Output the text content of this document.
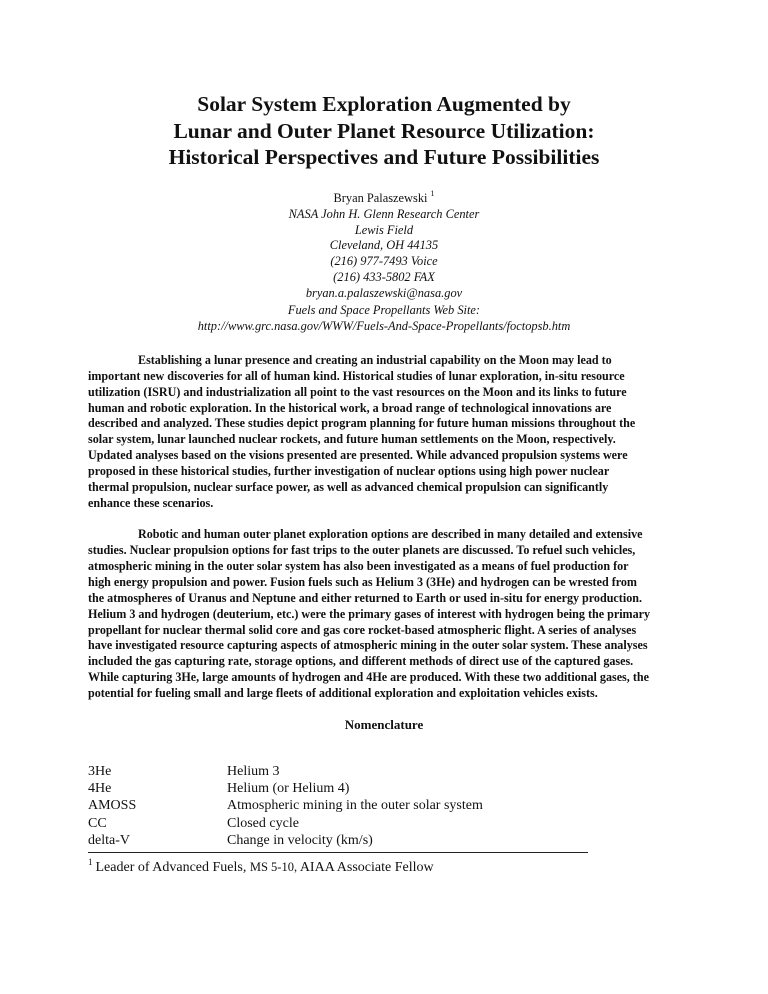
Solar System Exploration Augmented by
Lunar and Outer Planet Resource Utilization:
Historical Perspectives and Future Possibilities
Bryan Palaszewski $^1$
NASA John H. Glenn Research Center
Lewis Field
Cleveland, OH 44135
(216) 977-7493 Voice
(216) 433-5802 FAX
bryan.a.palaszewski@nasa.gov
Fuels and Space Propellants Web Site:
http://www.grc.nasa.gov/WWW/Fuels-And-Space-Propellants/foctopsb.htm
Establishing a lunar presence and creating an industrial capability on the Moon may lead to
important new discoveries for all of human kind. Historical studies of lunar exploration, in-situ resource
utilization (ISRU) and industrialization all point to the vast resources on the Moon and its links to future
human and robotic exploration. In the historical work, a broad range of technological innovations are
described and analyzed. These studies depict program planning for future human missions throughout the
solar system, lunar launched nuclear rockets, and future human settlements on the Moon, respectively.
Updated analyses based on the visions presented are presented. While advanced propulsion systems were
proposed in these historical studies, further investigation of nuclear options using high power nuclear
thermal propulsion, nuclear surface power, as well as advanced chemical propulsion can significantly
enhance these scenarios.
Robotic and human outer planet exploration options are described in many detailed and extensive
studies. Nuclear propulsion options for fast trips to the outer planets are discussed. To refuel such vehicles,
atmospheric mining in the outer solar system has also been investigated as a means of fuel production for
high energy propulsion and power. Fusion fuels such as Helium 3 (3He) and hydrogen can be wrested from
the atmospheres of Uranus and Neptune and either returned to Earth or used in-situ for energy production.
Helium 3 and hydrogen (deuterium, etc.) were the primary gases of interest with hydrogen being the primary
propellant for nuclear thermal solid core and gas core rocket-based atmospheric flight. A series of analyses
have investigated resource capturing aspects of atmospheric mining in the outer solar system. These analyses
included the gas capturing rate, storage options, and different methods of direct use of the captured gases.
While capturing 3He, large amounts of hydrogen and 4He are produced. With these two additional gases, the
potential for fueling small and large fleets of additional exploration and exploitation vehicles exists.
Nomenclature
3He	Helium 3
4He	Helium (or Helium 4)
AMOSS	Atmospheric mining in the outer solar system
CC	Closed cycle
delta-V	Change in velocity (km/s)
$^1$ Leader of Advanced Fuels, MS 5-10, AIAA Associate Fellow
